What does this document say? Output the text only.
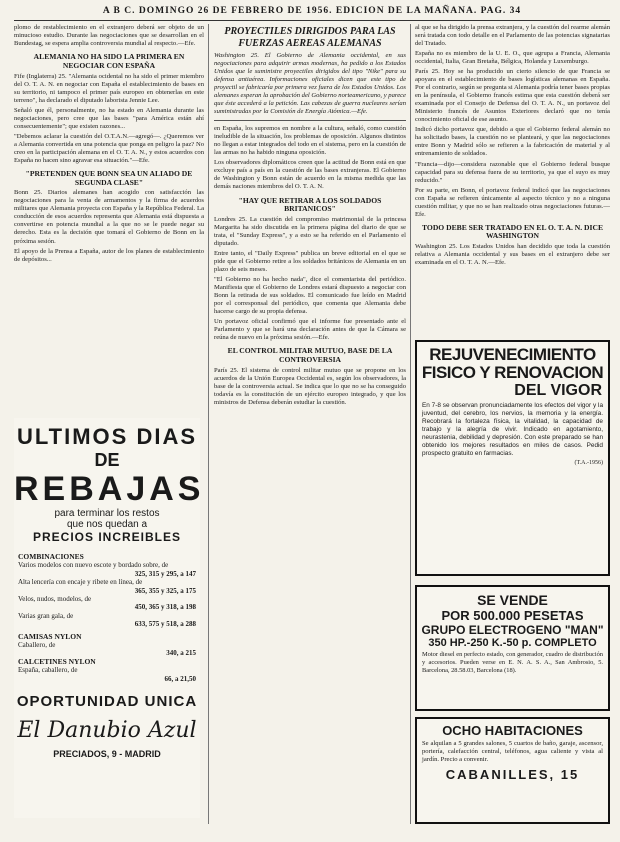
A B C. DOMINGO 26 DE FEBRERO DE 1956. EDICION DE LA MAÑANA. PAG. 34

plomo de restablecimiento en el extranjero deberá ser objeto de un minucioso estudio. Durante las negociaciones que se desarrollan en el Bundestag, se espera amplia controversia mundial al respecto.—Efe.

ALEMANIA NO HA SIDO LA PRIMERA EN NEGOCIAR CON ESPAÑA

Fife (Inglaterra) 25. "Alemania ocidental no ha sido el primer miembro del O. T. A. N. en negociar con España el establecimiento de bases en su territorio, ni tampoco el primer país europeo en obtenerlas en este terreno", ha declarado el diputado laborista Jennie Lee.

Señaló que él, personalmente, no ha estado en Alemania durante las negociaciones, pero cree que las bases "para América están ahí consecuentemente"; que existen razones...

"Debemos aclarar la cuestión del O.T.A.N.—agregó—. ¿Queremos ver a Alemania convertida en una potencia que ponga en peligro la paz? No creo en la participación alemana en el O. T. A. N., y estos acuerdos con España no hacen sino agravar esa situación."—Efe.

"PRETENDEN QUE BONN SEA UN ALIADO DE SEGUNDA CLASE"

Bonn 25. Diarios alemanes han acogido con satisfacción las negociaciones para la venta de armamentos y la firma de acuerdos militares que Alemania proyecta con España y la República Federal. La conducción de esos acuerdos representa que Alemania está dispuesta a convertirse en potencia mundial a la que no se le puede negar su derecho. Esta es la decisión que tomará el Gobierno de Bonn en la próxima sesión.

El apoyo de la Prensa a España, autor de los planes de establecimiento de depósitos...

ULTIMOS DIAS
DE
REBAJAS
para terminar los restos
que nos quedan a
PRECIOS INCREIBLES
COMBINACIONES
Varios modelos con nuevo escote y bordado sobre, de
325, 315 y 295, a 147
Alta lencería con encaje y ribete en línea, de
365, 355 y 325, a 175
Velos, nudos, modelos, de
450, 365 y 318, a 198
Varias gran gala, de
633, 575 y 518, a 288
CAMISAS NYLON
Caballero, de
340, a 215
CALCETINES NYLON
España, caballero, de
66, a 21,50
OPORTUNIDAD UNICA
El Danubio Azul
PRECIADOS, 9 - MADRID
PROYECTILES DIRIGIDOS PARA LAS FUERZAS AEREAS ALEMANAS

Washington 25. El Gobierno de Alemania occidental, en sus negociaciones para adquirir armas modernas, ha pedido a los Estados Unidos que le suministre proyectiles dirigidos del tipo "Nike" para su defensa antiaérea. Informaciones oficiales dicen que este tipo de proyectil se fabricaría por primera vez fuera de los Estados Unidos. Los alemanes esperan la aprobación del Gobierno norteamericano, y parece que éste accederá a la petición. Las cabezas de guerra nucleares serían suministradas por la Comisión de Energía Atómica.—Efe.

en España, los supremos en nombre a la cultura, señaló, como cuestión ineludible de la situación, los problemas de oposición. Algunos distintos no llegan a estar integrados del todo en el sistema, pero en la cuestión de las armas no ha habido ninguna oposición.

Los observadores diplomáticos creen que la actitud de Bonn está en que excluye país a país en la cuestión de las bases extranjeras. El Gobierno de Washington y Bonn están de acuerdo en la misma medida que las demás naciones miembros del O. T. A. N.

"HAY QUE RETIRAR A LOS SOLDADOS BRITANICOS"

Londres 25. La cuestión del compromiso matrimonial de la princesa Margarita ha sido discutida en la primera página del diario de que se trata, el "Sunday Express", y a esto se ha referido en el Parlamento el diputado.

Entre tanto, el "Daily Express" publica un breve editorial en el que se pide que el Gobierno retire a los soldados británicos de Alemania en un plazo de seis meses.

"El Gobierno no ha hecho nada", dice el comentarista del periódico. Manifiesta que el Gobierno de Londres estará dispuesto a negociar con Bonn la retirada de sus soldados. El comunicado fue leído en Madrid por el corresponsal del periódico, que comenta que Alemania debe hacerse cargo de su propia defensa.

Un portavoz oficial confirmó que el informe fue presentado ante el Parlamento y que se hará una declaración antes de que la Cámara se reúna de nuevo en la próxima sesión.—Efe.

EL CONTROL MILITAR MUTUO, BASE DE LA CONTROVERSIA

París 25. El sistema de control militar mutuo que se propone en los acuerdos de la Unión Europea Occidental es, según los observadores, la base de la controversia actual. Se indica que lo que no se ha conseguido todavía es la constitución de un ejército europeo integrado, y que los ministros de Defensa deberán estudiar la cuestión.

al que se ha dirigido la prensa extranjera, y la cuestión del rearme alemán será tratada con todo detalle en el Parlamento de las potencias signatarias del Tratado.

España no es miembro de la U. E. O., que agrupa a Francia, Alemania occidental, Italia, Gran Bretaña, Bélgica, Holanda y Luxemburgo.

París 25. Hoy se ha producido un cierto silencio de que Francia se apoyara en el establecimiento de bases logísticas alemanas en España. Por el contrario, según se pregunta si Alemania podría tener bases propias en la península, el Gobierno francés estima que esta cuestión deberá ser examinada por el Consejo de Defensa del O. T. A. N., un portavoz del Ministerio francés de Asuntos Exteriores declaró que no tenía conocimiento oficial de ese asunto.

Indicó dicho portavoz que, debido a que el Gobierno federal alemán no ha solicitado bases, la cuestión no se planteará, y que las negociaciones entre Bonn y Madrid sólo se refieren a la fabricación de material y al entrenamiento de soldados.

"Francia—dijo—considera razonable que el Gobierno federal busque capacidad para su defensa fuera de su territorio, ya que el suyo es muy reducido."

Por su parte, en Bonn, el portavoz federal indicó que las negociaciones con España se refieren únicamente al aspecto técnico y no a ninguna cuestión militar, y que no se han realizado otras negociaciones futuras.—Efe.

TODO DEBE SER TRATADO EN EL O. T. A. N. DICE WASHINGTON

Washington 25. Los Estados Unidos han decidido que toda la cuestión relativa a Alemania occidental y sus bases en el extranjero debe ser examinada en el O. T. A. N.—Efe.

REJUVENECIMIENTO
FISICO Y RENOVACION
DEL VIGOR
En 7-8 se observan pronunciadamente los efectos del vigor y la juventud, del cerebro, los nervios, la memoria y la energía. Recobrará la fortaleza física, la vitalidad, la capacidad de trabajo y la alegría de vivir. Indicado en agotamiento, neurastenia, debilidad y depresión. Con este preparado se han obtenido los mejores resultados en miles de casos. Pedid prospecto gratuito en farmacias.
(T.A.-1956)
SE VENDE
POR 500.000 PESETAS
GRUPO ELECTROGENO "MAN"
350 HP.-250 K.-50 p. COMPLETO
Motor diesel en perfecto estado, con generador, cuadro de distribución y accesorios. Pueden verse en E. N. A. S. A., San Ambrosio, 5. Barcelona, 28.58.03, Barcelona (18).
OCHO HABITACIONES
Se alquilan a 5 grandes salones, 5 cuartos de baño, garaje, ascensor, portería, calefacción central, teléfonos, agua caliente y vista al jardín. Precio a convenir.
CABANILLES, 15
